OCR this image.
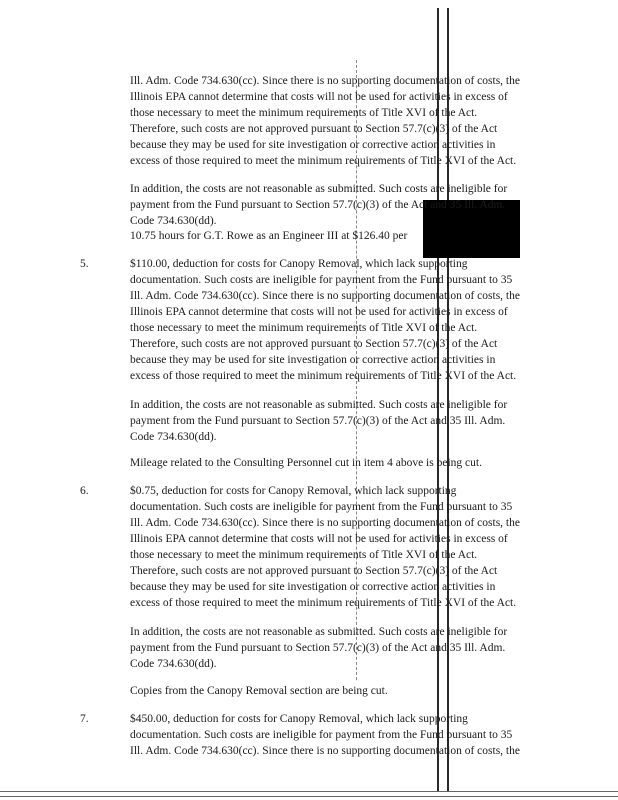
Ill. Adm. Code 734.630(cc). Since there is no supporting documentation of costs, the
Illinois EPA cannot determine that costs will not be used for activities in excess of
those necessary to meet the minimum requirements of Title XVI of the Act.
Therefore, such costs are not approved pursuant to Section 57.7(c)(3) of the Act
because they may be used for site investigation or corrective action activities in
excess of those required to meet the minimum requirements of Title XVI of the Act.
In addition, the costs are not reasonable as submitted. Such costs are ineligible for
payment from the Fund pursuant to Section 57.7(c)(3) of the Act and 35 Ill. Adm.
Code 734.630(dd).
10.75 hours for G.T. Rowe as an Engineer III at $126.40 per
5.	$110.00, deduction for costs for Canopy Removal, which lack supporting
documentation. Such costs are ineligible for payment from the Fund pursuant to 35
Ill. Adm. Code 734.630(cc). Since there is no supporting documentation of costs, the
Illinois EPA cannot determine that costs will not be used for activities in excess of
those necessary to meet the minimum requirements of Title XVI of the Act.
Therefore, such costs are not approved pursuant to Section 57.7(c)(3) of the Act
because they may be used for site investigation or corrective action activities in
excess of those required to meet the minimum requirements of Title XVI of the Act.
In addition, the costs are not reasonable as submitted. Such costs are ineligible for
payment from the Fund pursuant to Section 57.7(c)(3) of the Act and 35 Ill. Adm.
Code 734.630(dd).
Mileage related to the Consulting Personnel cut in item 4 above is being cut.
6.	$0.75, deduction for costs for Canopy Removal, which lack supporting
documentation. Such costs are ineligible for payment from the Fund pursuant to 35
Ill. Adm. Code 734.630(cc). Since there is no supporting documentation of costs, the
Illinois EPA cannot determine that costs will not be used for activities in excess of
those necessary to meet the minimum requirements of Title XVI of the Act.
Therefore, such costs are not approved pursuant to Section 57.7(c)(3) of the Act
because they may be used for site investigation or corrective action activities in
excess of those required to meet the minimum requirements of Title XVI of the Act.
In addition, the costs are not reasonable as submitted. Such costs are ineligible for
payment from the Fund pursuant to Section 57.7(c)(3) of the Act and 35 Ill. Adm.
Code 734.630(dd).
Copies from the Canopy Removal section are being cut.
7.	$450.00, deduction for costs for Canopy Removal, which lack supporting
documentation. Such costs are ineligible for payment from the Fund pursuant to 35
Ill. Adm. Code 734.630(cc). Since there is no supporting documentation of costs, the
